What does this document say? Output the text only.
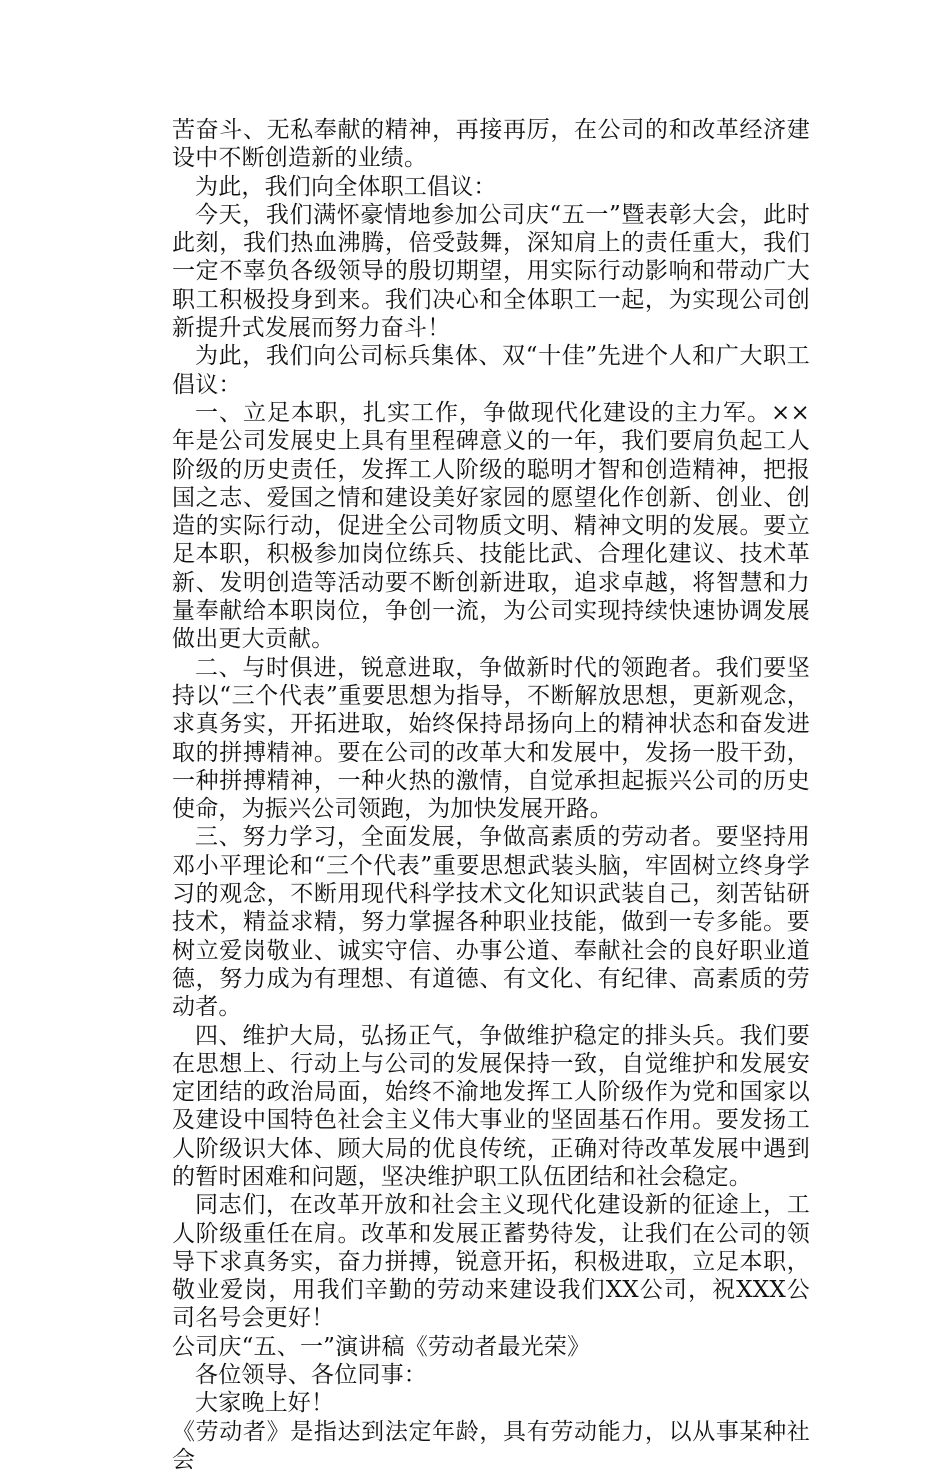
苦奋斗、无私奉献的精神，再接再厉，在公司的和改革经济建设中不断创造新的业绩。

为此，我们向全体职工倡议：

今天，我们满怀豪情地参加公司庆“五一”暨表彰大会，此时此刻，我们热血沸腾，倍受鼓舞，深知肩上的责任重大，我们一定不辜负各级领导的殷切期望，用实际行动影响和带动广大职工积极投身到来。我们决心和全体职工一起，为实现公司创新提升式发展而努力奋斗！

为此，我们向公司标兵集体、双“十佳”先进个人和广大职工倡议：

一、立足本职，扎实工作，争做现代化建设的主力军。××年是公司发展史上具有里程碑意义的一年，我们要肩负起工人阶级的历史责任，发挥工人阶级的聪明才智和创造精神，把报国之志、爱国之情和建设美好家园的愿望化作创新、创业、创造的实际行动，促进全公司物质文明、精神文明的发展。要立足本职，积极参加岗位练兵、技能比武、合理化建议、技术革新、发明创造等活动要不断创新进取，追求卓越，将智慧和力量奉献给本职岗位，争创一流，为公司实现持续快速协调发展做出更大贡献。

二、与时俱进，锐意进取，争做新时代的领跑者。我们要坚持以“三个代表”重要思想为指导，不断解放思想，更新观念，求真务实，开拓进取，始终保持昂扬向上的精神状态和奋发进取的拼搏精神。要在公司的改革大和发展中，发扬一股干劲，一种拼搏精神，一种火热的激情，自觉承担起振兴公司的历史使命，为振兴公司领跑，为加快发展开路。

三、努力学习，全面发展，争做高素质的劳动者。要坚持用邓小平理论和“三个代表”重要思想武装头脑，牢固树立终身学习的观念，不断用现代科学技术文化知识武装自己，刻苦钻研技术，精益求精，努力掌握各种职业技能，做到一专多能。要树立爱岗敬业、诚实守信、办事公道、奉献社会的良好职业道德，努力成为有理想、有道德、有文化、有纪律、高素质的劳动者。

四、维护大局，弘扬正气，争做维护稳定的排头兵。我们要在思想上、行动上与公司的发展保持一致，自觉维护和发展安定团结的政治局面，始终不渝地发挥工人阶级作为党和国家以及建设中国特色社会主义伟大事业的坚固基石作用。要发扬工人阶级识大体、顾大局的优良传统，正确对待改革发展中遇到的暂时困难和问题，坚决维护职工队伍团结和社会稳定。

同志们，在改革开放和社会主义现代化建设新的征途上，工人阶级重任在肩。改革和发展正蓄势待发，让我们在公司的领导下求真务实，奋力拼搏，锐意开拓，积极进取，立足本职，敬业爱岗，用我们辛勤的劳动来建设我们XX公司，祝XXX公司名号会更好！

公司庆“五、一”演讲稿《劳动者最光荣》

各位领导、各位同事：

大家晚上好！

《劳动者》是指达到法定年龄，具有劳动能力，以从事某种社会
